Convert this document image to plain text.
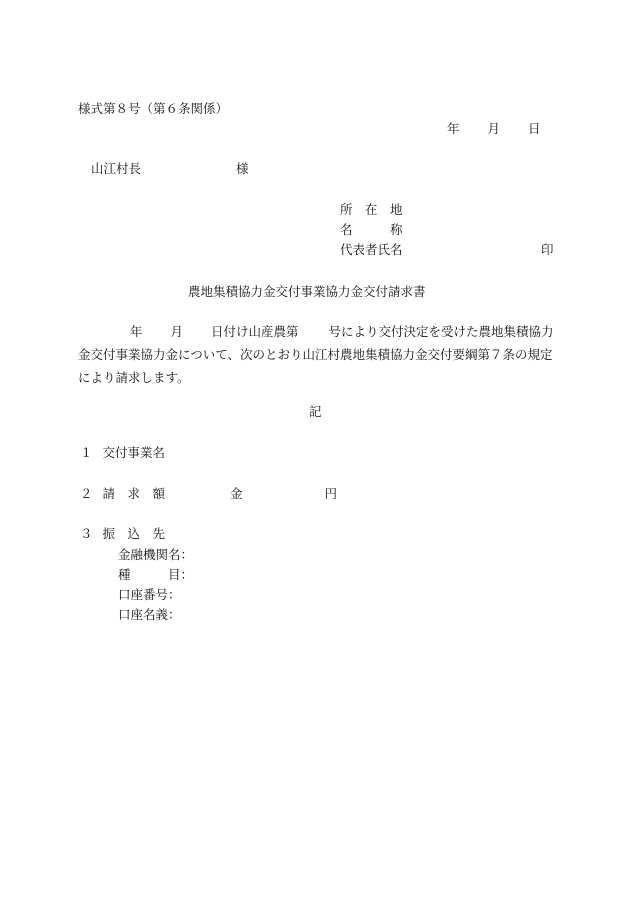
様式第８号（第６条関係）
年 月 日
山江村長	様
所　在　地
名　　　称
代表者氏名	印
農地集積協力金交付事業協力金交付請求書
年 月 日付け山産農第 号により交付決定を受けた農地集積協力金交付事業協力金について、次のとおり山江村農地集積協力金交付要綱第７条の規定により請求します。
記
１ 交付事業名
２ 請　求　額	金	円
３ 振　込　先
金融機関名：
種　　　目：
口座番号：
口座名義：
